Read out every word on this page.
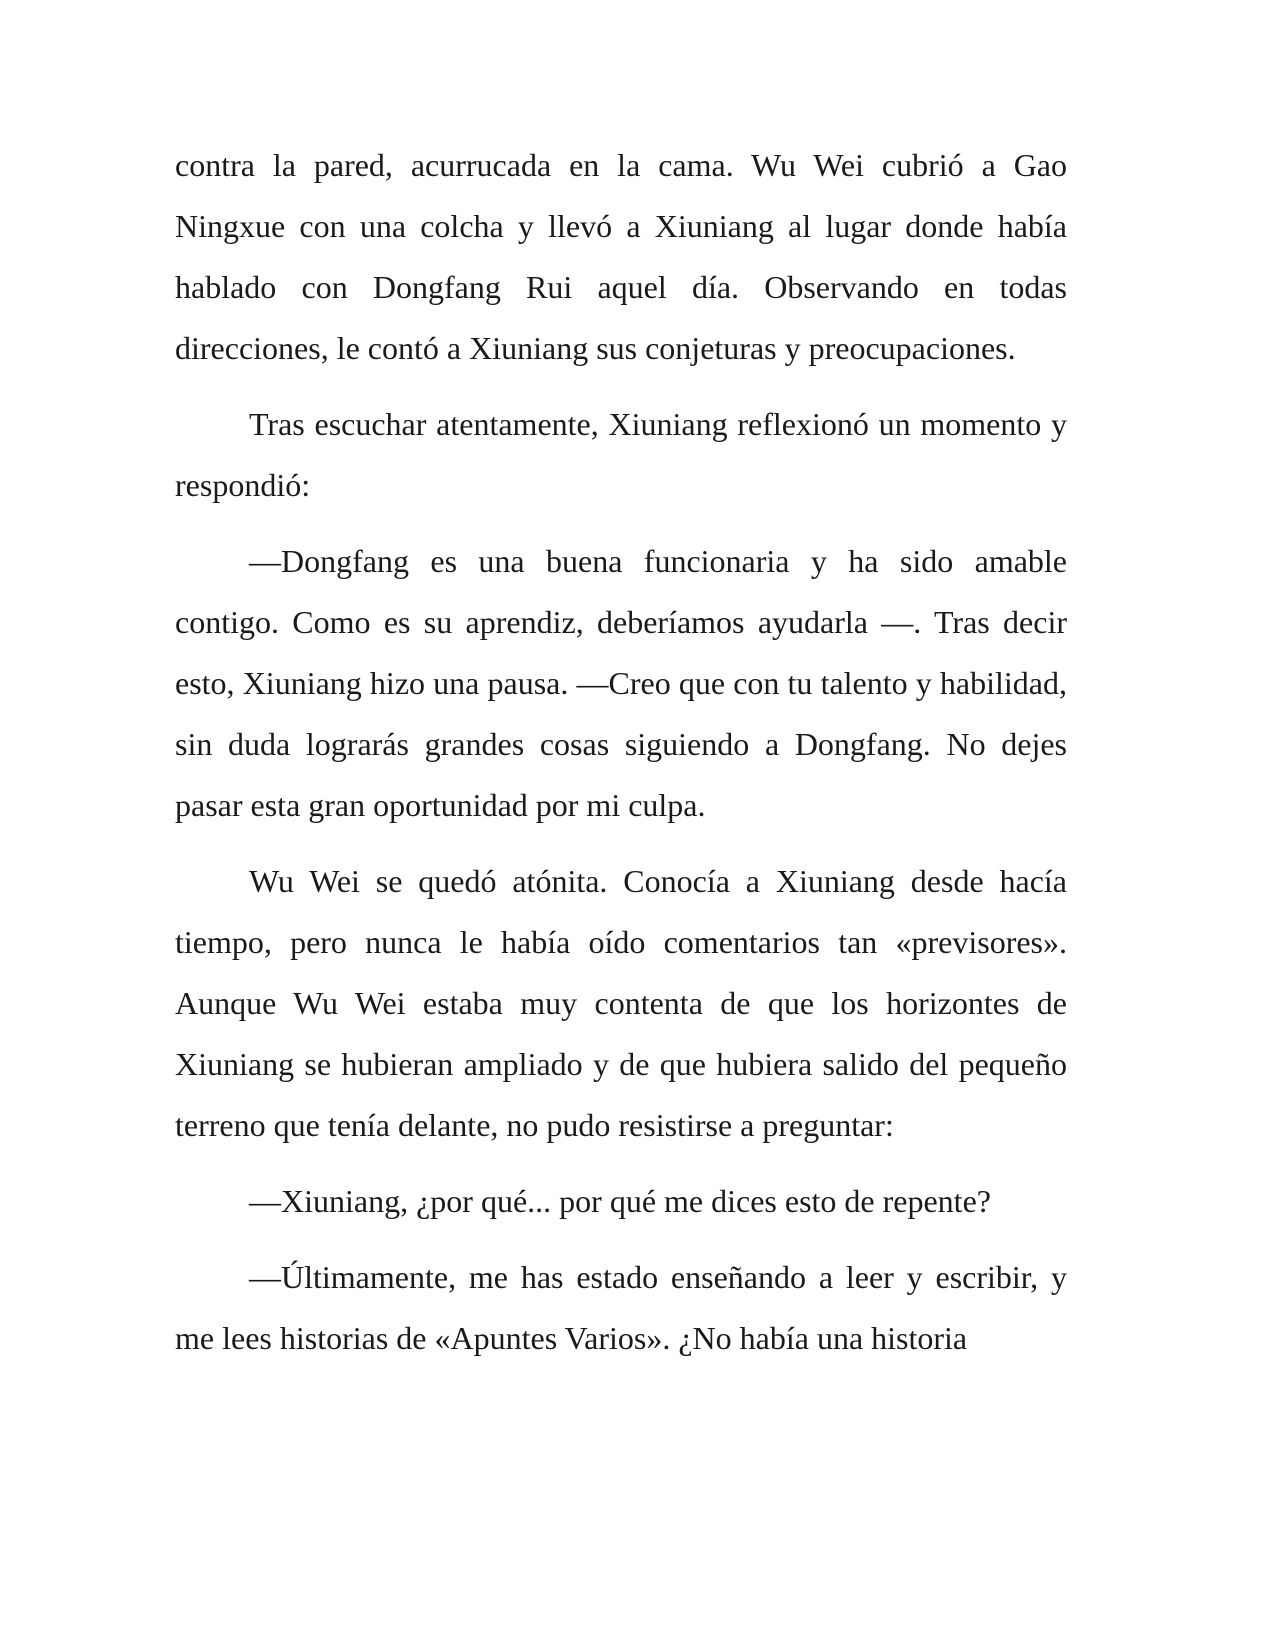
contra la pared, acurrucada en la cama. Wu Wei cubrió a Gao Ningxue con una colcha y llevó a Xiuniang al lugar donde había hablado con Dongfang Rui aquel día. Observando en todas direcciones, le contó a Xiuniang sus conjeturas y preocupaciones.

Tras escuchar atentamente, Xiuniang reflexionó un momento y respondió:

—Dongfang es una buena funcionaria y ha sido amable contigo. Como es su aprendiz, deberíamos ayudarla —. Tras decir esto, Xiuniang hizo una pausa. —Creo que con tu talento y habilidad, sin duda lograrás grandes cosas siguiendo a Dongfang. No dejes pasar esta gran oportunidad por mi culpa.

Wu Wei se quedó atónita. Conocía a Xiuniang desde hacía tiempo, pero nunca le había oído comentarios tan «previsores». Aunque Wu Wei estaba muy contenta de que los horizontes de Xiuniang se hubieran ampliado y de que hubiera salido del pequeño terreno que tenía delante, no pudo resistirse a preguntar:

—Xiuniang, ¿por qué... por qué me dices esto de repente?

—Últimamente, me has estado enseñando a leer y escribir, y me lees historias de «Apuntes Varios». ¿No había una historia
